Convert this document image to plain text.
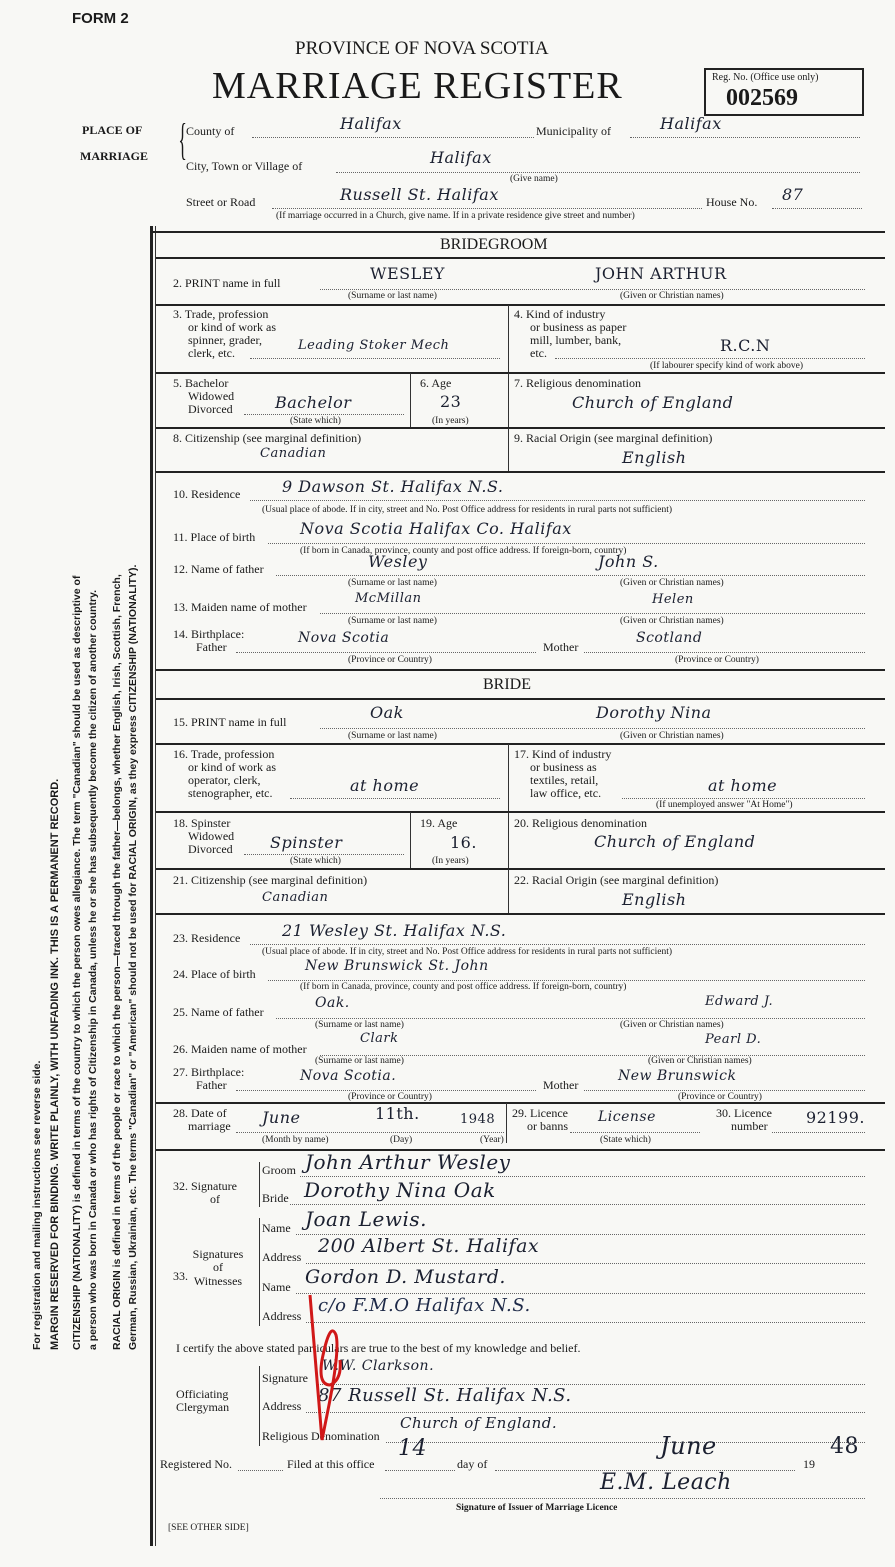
For registration and mailing instructions see reverse side. MARGIN RESERVED FOR BINDING. WRITE PLAINLY, WITH UNFADING INK. THIS IS A PERMANENT RECORD. CITIZENSHIP (NATIONALITY) is defined in terms of the country to which the person owes allegiance. The term "Canadian" should be used as descriptive of a person who was born in Canada or who has rights of Citizenship in Canada, unless he or she has subsequently become the citizen of another country. RACIAL ORIGIN is defined in terms of the people or race to which the person—traced through the father—belongs, whether English, Irish, Scottish, French, German, Russian, Ukrainian, etc. The terms "Canadian" or "American" should not be used for RACIAL ORIGIN, as they express CITIZENSHIP (NATIONALITY).
FORM 2
PROVINCE OF NOVA SCOTIA
MARRIAGE REGISTER	Reg. No. (Office use only)
002569
PLACE OF
MARRIAGE { County of	Halifax	Municipality of	Halifax
City, Town or Village of	Halifax
(Give name)
Street or Road	Russell St. Halifax	House No. 87
(If marriage occurred in a Church, give name. If in a private residence give street and number)
BRIDEGROOM
2. PRINT name in full	WESLEY	JOHN ARTHUR
(Surname or last name)	(Given or Christian names)
3. Trade, profession
or kind of work as
spinner, grader,
clerk, etc.	Leading Stoker Mech
4. Kind of industry
or business as paper
mill, lumber, bank,
etc.	R.C.N
(If labourer specify kind of work above)
5. Bachelor
Widowed
Divorced	Bachelor
(State which)
6. Age
23
(In years)
7. Religious denomination
Church of England
8. Citizenship (see marginal definition)
Canadian
9. Racial Origin (see marginal definition)
English
10. Residence	9 Dawson St. Halifax N.S.
(Usual place of abode. If in city, street and No. Post Office address for residents in rural parts not sufficient)
11. Place of birth	Nova Scotia Halifax Co. Halifax
(If born in Canada, province, county and post office address. If foreign-born, country)
12. Name of father	Wesley	John S.
(Surname or last name)	(Given or Christian names)
13. Maiden name of mother
McMillan	Helen
(Surname or last name)	(Given or Christian names)
14. Birthplace:
Father
Nova Scotia
Mother
Scotland
(Province or Country)	(Province or Country)
BRIDE
15. PRINT name in full	Oak	Dorothy Nina
(Surname or last name)	(Given or Christian names)
16. Trade, profession
or kind of work as
operator, clerk,
stenographer, etc.	at home
17. Kind of industry
or business as
textiles, retail,
law office, etc.	at home
(If unemployed answer "At Home")
18. Spinster
Widowed
Divorced Spinster
(State which)
19. Age
16.
(In years)
20. Religious denomination
Church of England
21. Citizenship (see marginal definition)
Canadian
22. Racial Origin (see marginal definition)
English
23. Residence	21 Wesley St. Halifax N.S.
(Usual place of abode. If in city, street and No. Post Office address for residents in rural parts not sufficient)
24. Place of birth	New Brunswick St. John
(If born in Canada, province, county and post office address. If foreign-born, country)
25. Name of father
Oak.	Edward J.
(Surname or last name)	(Given or Christian names)
26. Maiden name of mother
Clark	Pearl D.
(Surname or last name)	(Given or Christian names)
27. Birthplace:
Father
Nova Scotia.
Mother
New Brunswick
(Province or Country)	(Province or Country)
28. Date of
marriage June	11th.	1948
(Month by name)	(Day)	(Year)
29. Licence
or banns
License
(State which)
30. Licence
number 92199.
32. Signature
of
Groom John Arthur Wesley
Bride Dorothy Nina Oak
33.
Signatures
of
Witnesses
Name Joan Lewis.
Address 200 Albert St. Halifax
Name Gordon D. Mustard.
Address c/o F.M.O Halifax N.S.
I certify the above stated particulars are true to the best of my knowledge and belief.
Officiating
Clergyman
Signature
W.W. Clarkson.
Address 87 Russell St. Halifax N.S.
Religious Denomination
Church of England.
Registered No.	Filed at this office
14
day of
June
19
48
E.M. Leach
Signature of Issuer of Marriage Licence
[SEE OTHER SIDE]
